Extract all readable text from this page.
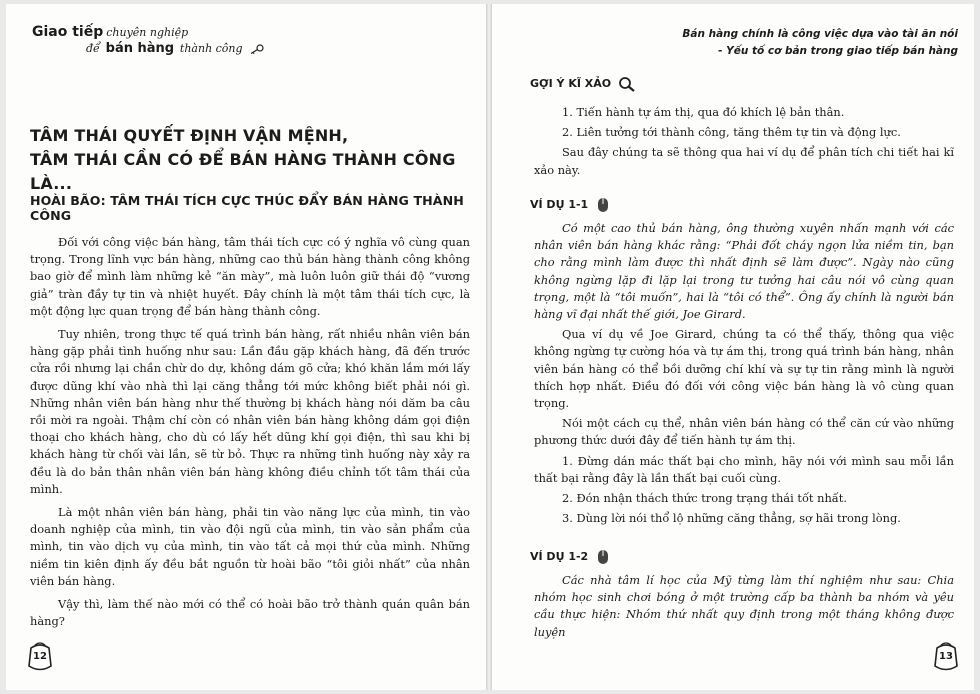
Giao tiếp chuyên nghiệp
để bán hàng thành công
TÂM THÁI QUYẾT ĐỊNH VẬN MỆNH,
TÂM THÁI CẦN CÓ ĐỂ BÁN HÀNG THÀNH CÔNG LÀ...
HOÀI BÃO: TÂM THÁI TÍCH CỰC THÚC ĐẨY BÁN HÀNG THÀNH CÔNG

Đối với công việc bán hàng, tâm thái tích cực có ý nghĩa vô cùng quan trọng. Trong lĩnh vực bán hàng, những cao thủ bán hàng thành công không bao giờ để mình làm những kẻ “ăn mày”, mà luôn luôn giữ thái độ “vương giả” tràn đầy tự tin và nhiệt huyết. Đây chính là một tâm thái tích cực, là một động lực quan trọng để bán hàng thành công.

Tuy nhiên, trong thực tế quá trình bán hàng, rất nhiều nhân viên bán hàng gặp phải tình huống như sau: Lần đầu gặp khách hàng, đã đến trước cửa rồi nhưng lại chần chừ do dự, không dám gõ cửa; khó khăn lắm mới lấy được dũng khí vào nhà thì lại căng thẳng tới mức không biết phải nói gì. Những nhân viên bán hàng như thế thường bị khách hàng nói dăm ba câu rồi mời ra ngoài. Thậm chí còn có nhân viên bán hàng không dám gọi điện thoại cho khách hàng, cho dù có lấy hết dũng khí gọi điện, thì sau khi bị khách hàng từ chối vài lần, sẽ từ bỏ. Thực ra những tình huống này xảy ra đều là do bản thân nhân viên bán hàng không điều chỉnh tốt tâm thái của mình.

Là một nhân viên bán hàng, phải tin vào năng lực của mình, tin vào doanh nghiệp của mình, tin vào đội ngũ của mình, tin vào sản phẩm của mình, tin vào dịch vụ của mình, tin vào tất cả mọi thứ của mình. Những niềm tin kiên định ấy đều bắt nguồn từ hoài bão “tôi giỏi nhất” của nhân viên bán hàng.

Vậy thì, làm thế nào mới có thể có hoài bão trở thành quán quân bán hàng?

12
Bán hàng chính là công việc dựa vào tài ăn nói
- Yếu tố cơ bản trong giao tiếp bán hàng
GỢI Ý KĨ XẢO

1. Tiến hành tự ám thị, qua đó khích lệ bản thân.

2. Liên tưởng tới thành công, tăng thêm tự tin và động lực.

Sau đây chúng ta sẽ thông qua hai ví dụ để phân tích chi tiết hai kĩ xảo này.

VÍ DỤ 1-1

Có một cao thủ bán hàng, ông thường xuyên nhấn mạnh với các nhân viên bán hàng khác rằng: “Phải đốt cháy ngọn lửa niềm tin, bạn cho rằng mình làm được thì nhất định sẽ làm được”. Ngày nào cũng không ngừng lặp đi lặp lại trong tư tưởng hai câu nói vô cùng quan trọng, một là “tôi muốn”, hai là “tôi có thể”. Ông ấy chính là người bán hàng vĩ đại nhất thế giới, Joe Girard.

Qua ví dụ về Joe Girard, chúng ta có thể thấy, thông qua việc không ngừng tự cường hóa và tự ám thị, trong quá trình bán hàng, nhân viên bán hàng có thể bồi dưỡng chí khí và sự tự tin rằng mình là người thích hợp nhất. Điều đó đối với công việc bán hàng là vô cùng quan trọng.

Nói một cách cụ thể, nhân viên bán hàng có thể căn cứ vào những phương thức dưới đây để tiến hành tự ám thị.

1. Đừng dán mác thất bại cho mình, hãy nói với mình sau mỗi lần thất bại rằng đây là lần thất bại cuối cùng.

2. Đón nhận thách thức trong trạng thái tốt nhất.

3. Dùng lời nói thổ lộ những căng thẳng, sợ hãi trong lòng.

VÍ DỤ 1-2

Các nhà tâm lí học của Mỹ từng làm thí nghiệm như sau: Chia nhóm học sinh chơi bóng ở một trường cấp ba thành ba nhóm và yêu cầu thực hiện: Nhóm thứ nhất quy định trong một tháng không được luyện

13
